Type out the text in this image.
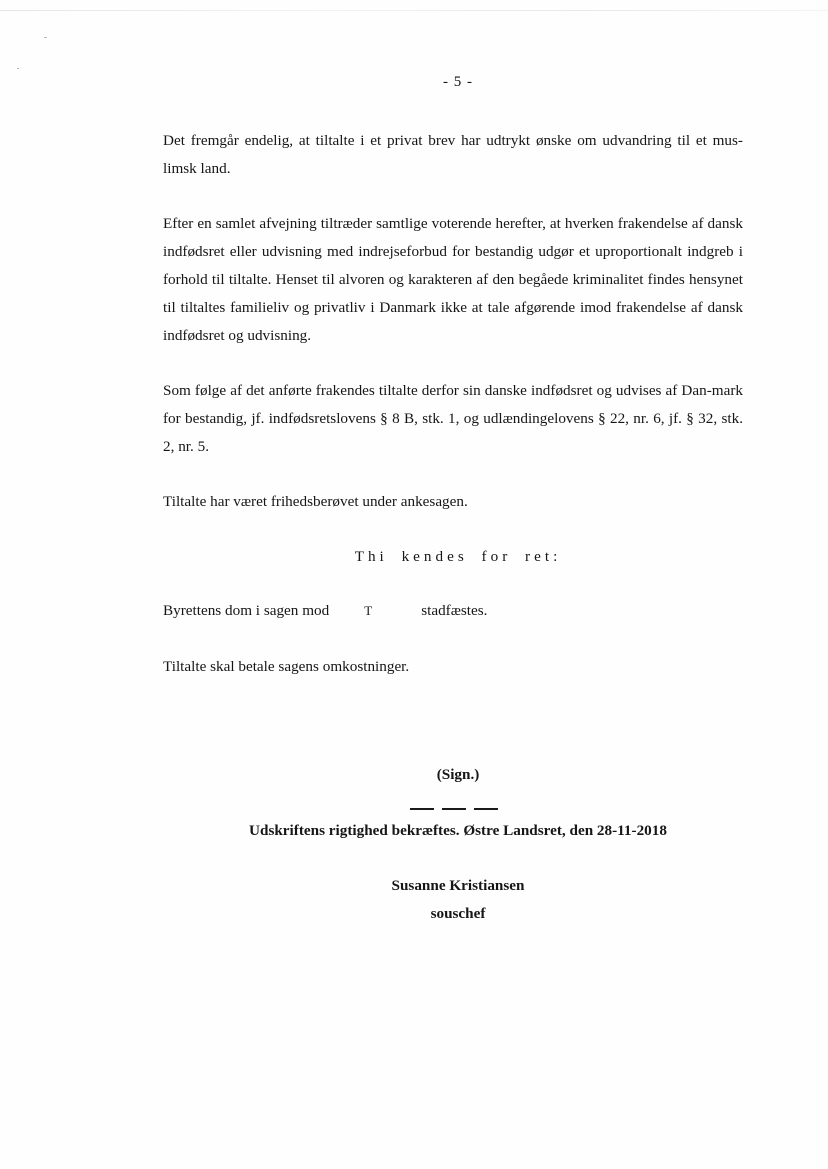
- 5 -

Det fremgår endelig, at tiltalte i et privat brev har udtrykt ønske om udvandring til et mus-limsk land.

Efter en samlet afvejning tiltræder samtlige voterende herefter, at hverken frakendelse af dansk indfødsret eller udvisning med indrejseforbud for bestandig udgør et uproportionalt indgreb i forhold til tiltalte. Henset til alvoren og karakteren af den begåede kriminalitet findes hensynet til tiltaltes familieliv og privatliv i Danmark ikke at tale afgørende imod frakendelse af dansk indfødsret og udvisning.

Som følge af det anførte frakendes tiltalte derfor sin danske indfødsret og udvises af Dan-mark for bestandig, jf. indfødsretslovens § 8 B, stk. 1, og udlændingelovens § 22, nr. 6, jf. § 32, stk. 2, nr. 5.

Tiltalte har været frihedsberøvet under ankesagen.

Thi kendes for ret:
Byrettens dom i sagen mod	T	stadfæstes.

Tiltalte skal betale sagens omkostninger.

(Sign.)
Udskriftens rigtighed bekræftes. Østre Landsret, den 28-11-2018
Susanne Kristiansen
souschef
